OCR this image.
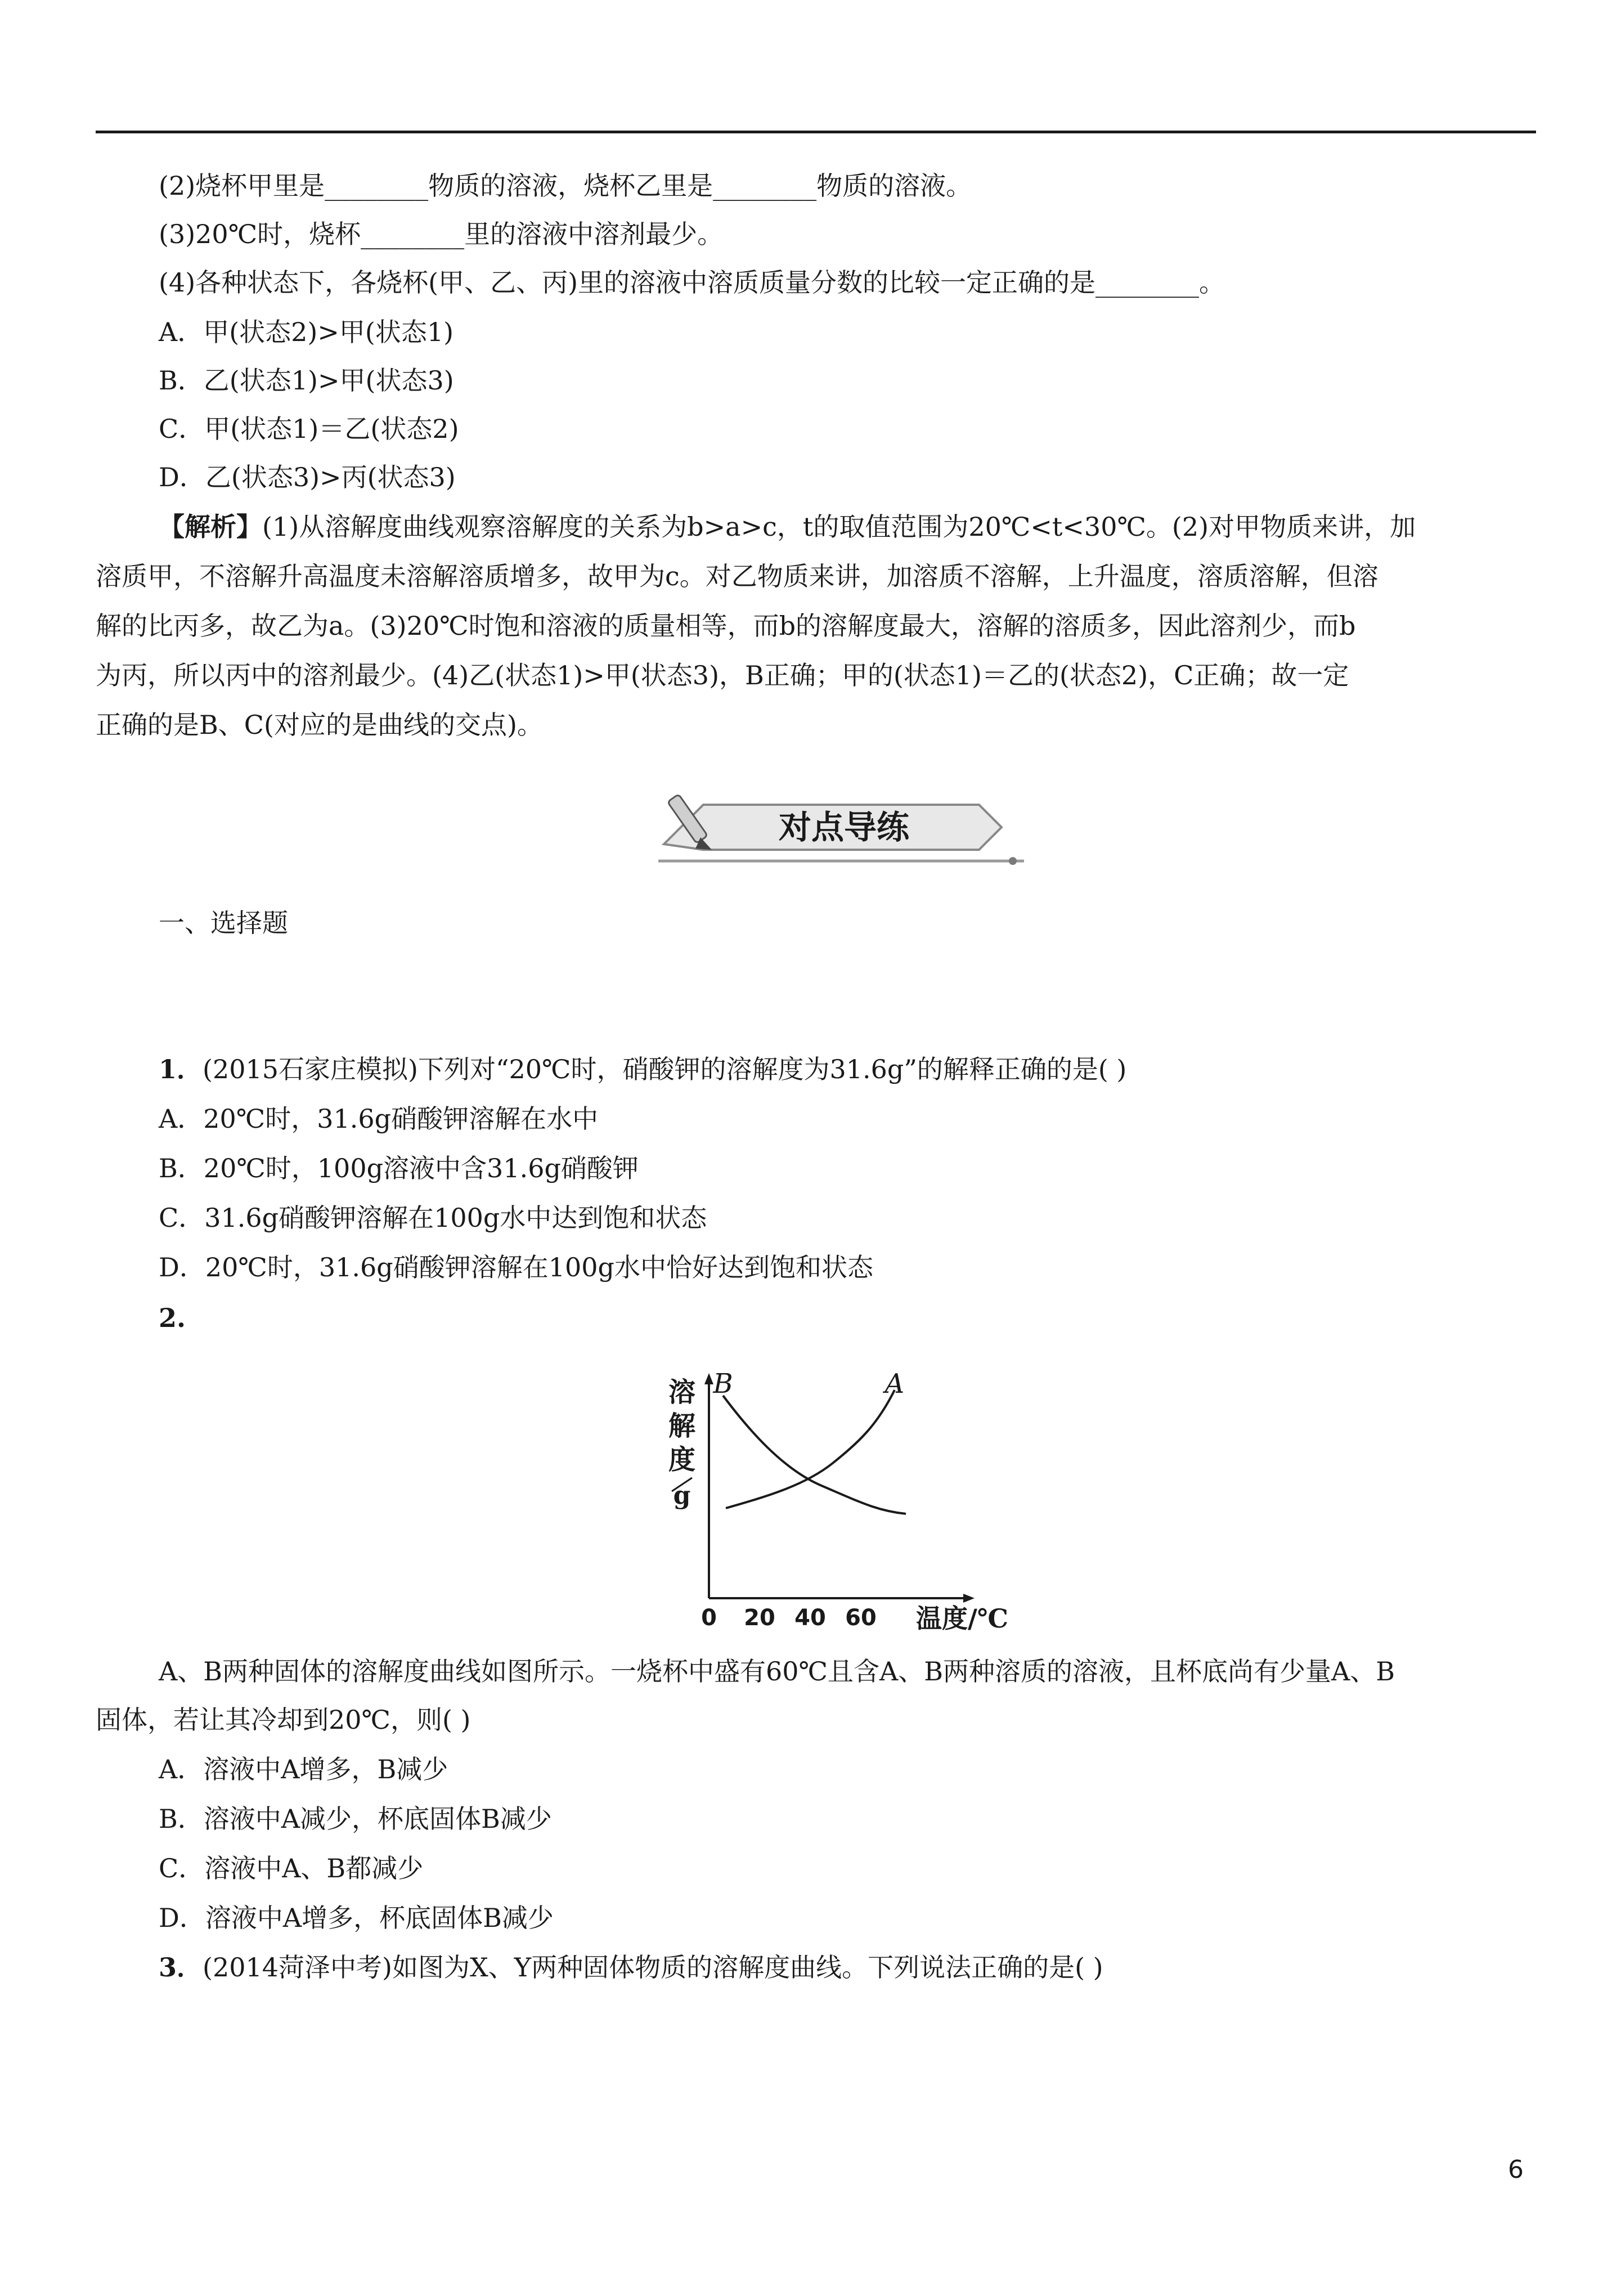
(2)烧杯甲里是________物质的溶液，烧杯乙里是________物质的溶液。
(3)20℃时，烧杯________里的溶液中溶剂最少。
(4)各种状态下，各烧杯(甲、乙、丙)里的溶液中溶质质量分数的比较一定正确的是________。
A．甲(状态2)>甲(状态1)
B．乙(状态1)>甲(状态3)
C．甲(状态1)＝乙(状态2)
D．乙(状态3)>丙(状态3)
【解析】(1)从溶解度曲线观察溶解度的关系为b>a>c，t的取值范围为20℃<t<30℃。(2)对甲物质来讲，加
溶质甲，不溶解升高温度未溶解溶质增多，故甲为c。对乙物质来讲，加溶质不溶解，上升温度，溶质溶解，但溶
解的比丙多，故乙为a。(3)20℃时饱和溶液的质量相等，而b的溶解度最大，溶解的溶质多，因此溶剂少，而b
为丙，所以丙中的溶剂最少。(4)乙(状态1)>甲(状态3)，B正确；甲的(状态1)＝乙的(状态2)，C正确；故一定
正确的是B、C(对应的是曲线的交点)。
对点导练
一、选择题
1．(2015石家庄模拟)下列对“20℃时，硝酸钾的溶解度为31.6g”的解释正确的是( )
A．20℃时，31.6g硝酸钾溶解在水中
B．20℃时，100g溶液中含31.6g硝酸钾
C．31.6g硝酸钾溶解在100g水中达到饱和状态
D．20℃时，31.6g硝酸钾溶解在100g水中恰好达到饱和状态
2.
溶
解
度
g
B	A
0 20 40 60 温度/℃
A、B两种固体的溶解度曲线如图所示。一烧杯中盛有60℃且含A、B两种溶质的溶液，且杯底尚有少量A、B
固体，若让其冷却到20℃，则( )
A．溶液中A增多，B减少
B．溶液中A减少，杯底固体B减少
C．溶液中A、B都减少
D．溶液中A增多，杯底固体B减少
3．(2014菏泽中考)如图为X、Y两种固体物质的溶解度曲线。下列说法正确的是( )
6
